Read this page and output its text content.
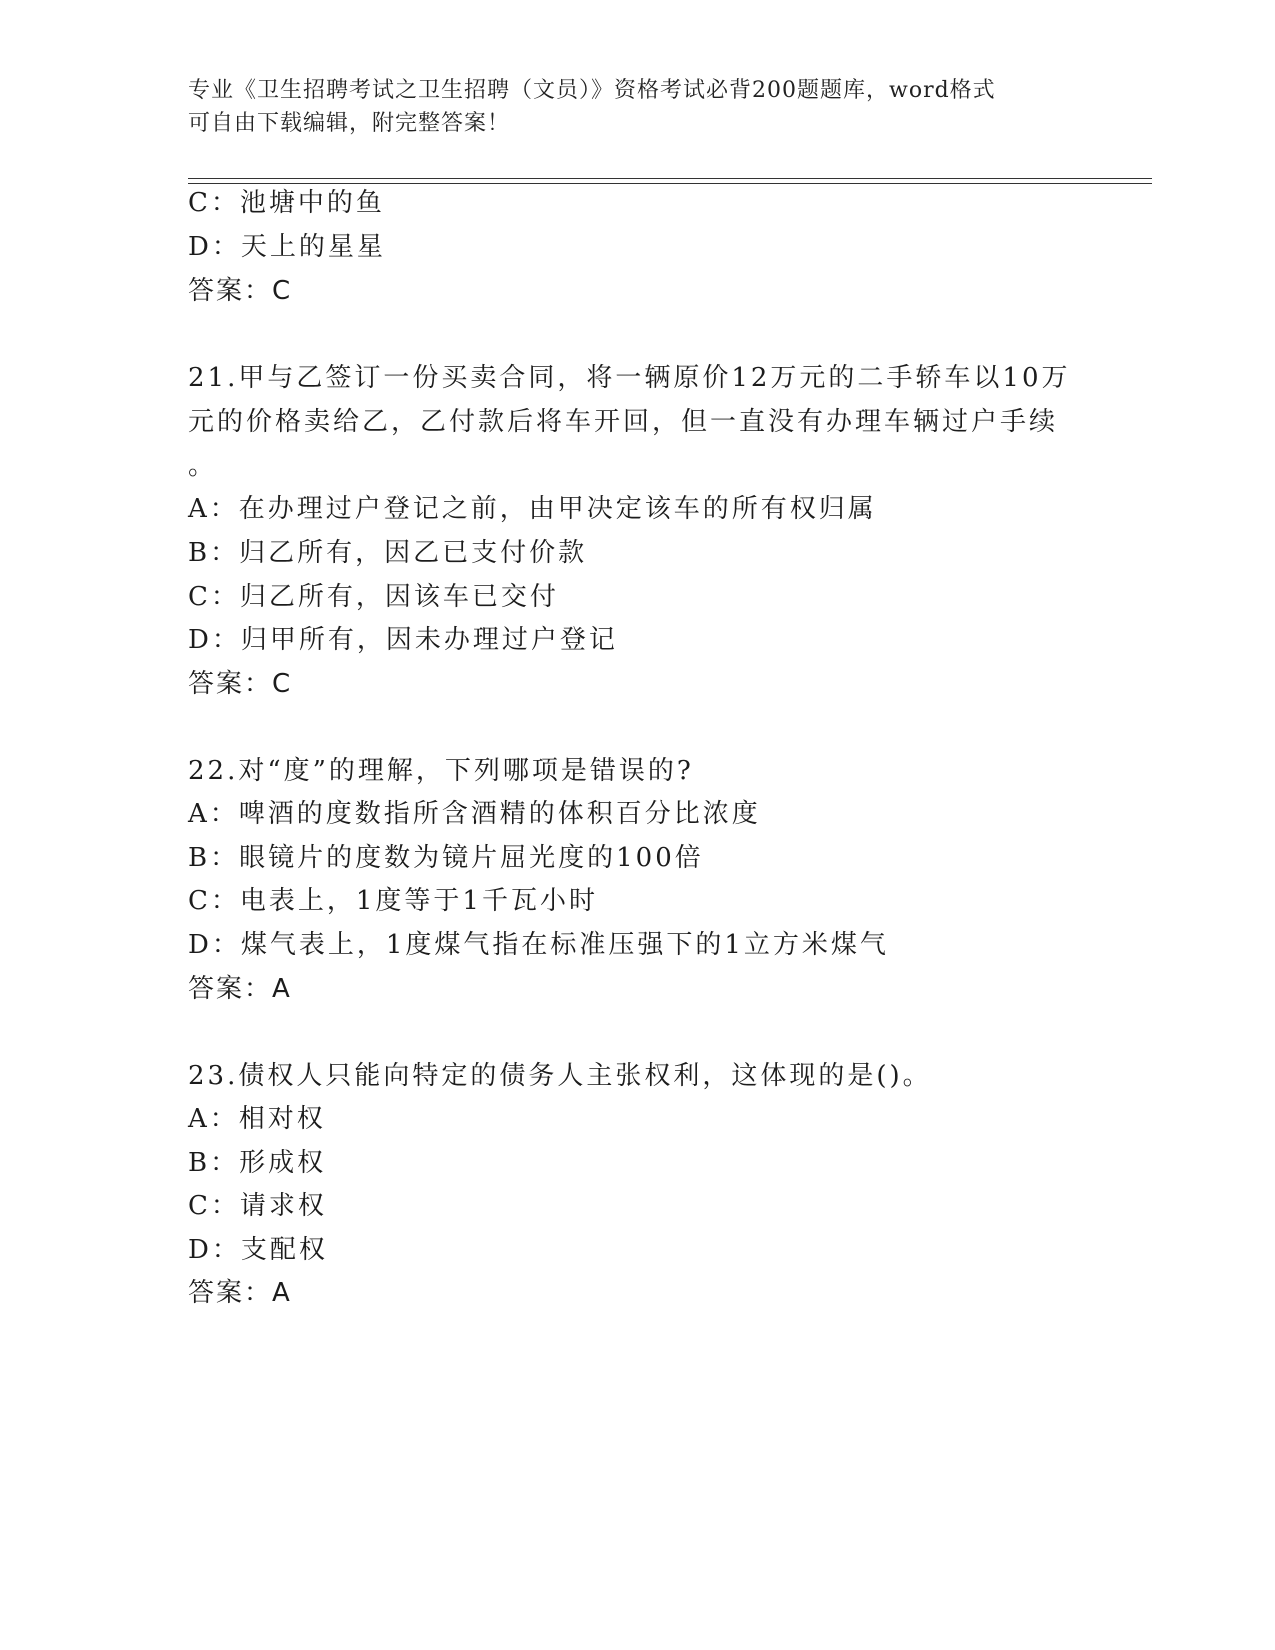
专业《卫生招聘考试之卫生招聘（文员）》资格考试必背200题题库，word格式
可自由下载编辑，附完整答案！
C：池塘中的鱼
D：天上的星星
答案：C
21.甲与乙签订一份买卖合同，将一辆原价12万元的二手轿车以10万
元的价格卖给乙，乙付款后将车开回，但一直没有办理车辆过户手续
。
A：在办理过户登记之前，由甲决定该车的所有权归属
B：归乙所有，因乙已支付价款
C：归乙所有，因该车已交付
D：归甲所有，因未办理过户登记
答案：C
22.对“度”的理解，下列哪项是错误的?
A：啤酒的度数指所含酒精的体积百分比浓度
B：眼镜片的度数为镜片屈光度的100倍
C：电表上，1度等于1千瓦小时
D：煤气表上，1度煤气指在标准压强下的1立方米煤气
答案：A
23.债权人只能向特定的债务人主张权利，这体现的是()。
A：相对权
B：形成权
C：请求权
D：支配权
答案：A
